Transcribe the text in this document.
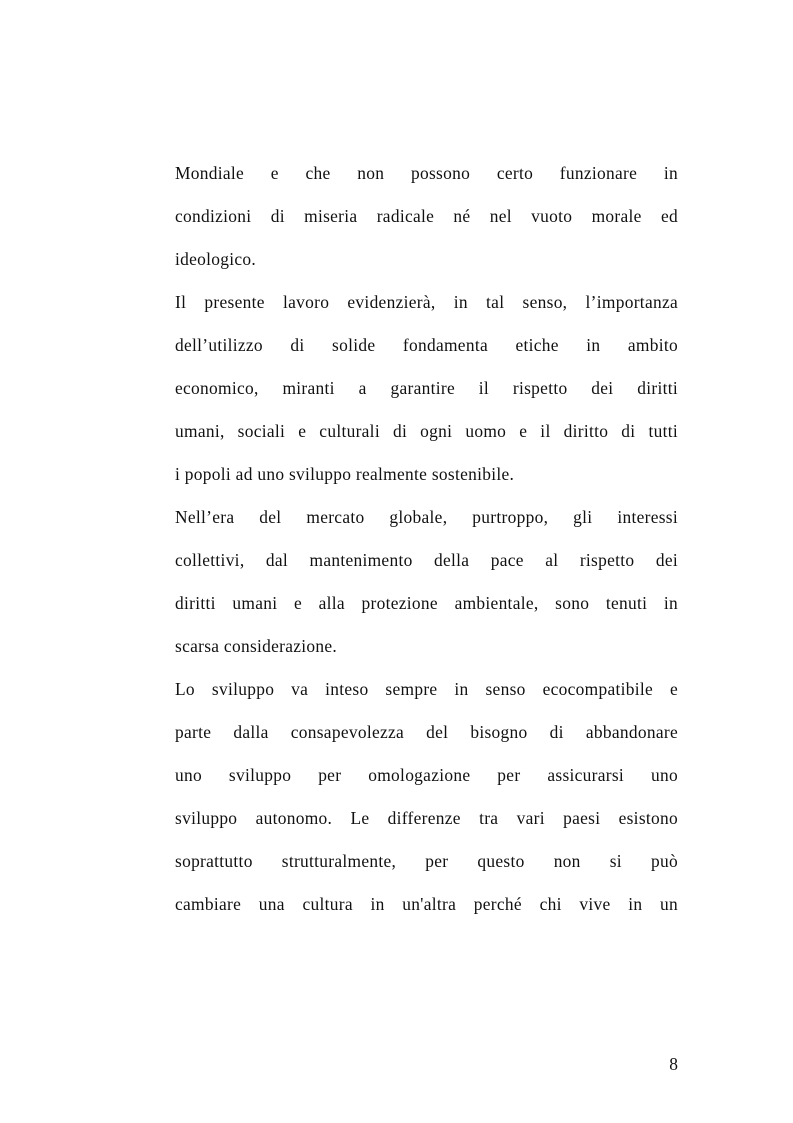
Mondiale e che non possono certo funzionare in
condizioni di miseria radicale né nel vuoto morale ed
ideologico.
Il presente lavoro evidenzierà, in tal senso, l’importanza
dell’utilizzo di solide fondamenta etiche in ambito
economico, miranti a garantire il rispetto dei diritti
umani, sociali e culturali di ogni uomo e il diritto di tutti
i popoli ad uno sviluppo realmente sostenibile.
Nell’era del mercato globale, purtroppo, gli interessi
collettivi, dal mantenimento della pace al rispetto dei
diritti umani e alla protezione ambientale, sono tenuti in
scarsa considerazione.
Lo sviluppo va inteso sempre in senso ecocompatibile e
parte dalla consapevolezza del bisogno di abbandonare
uno sviluppo per omologazione per assicurarsi uno
sviluppo autonomo. Le differenze tra vari paesi esistono
soprattutto strutturalmente, per questo non si può
cambiare una cultura in un'altra perché chi vive in un
8
